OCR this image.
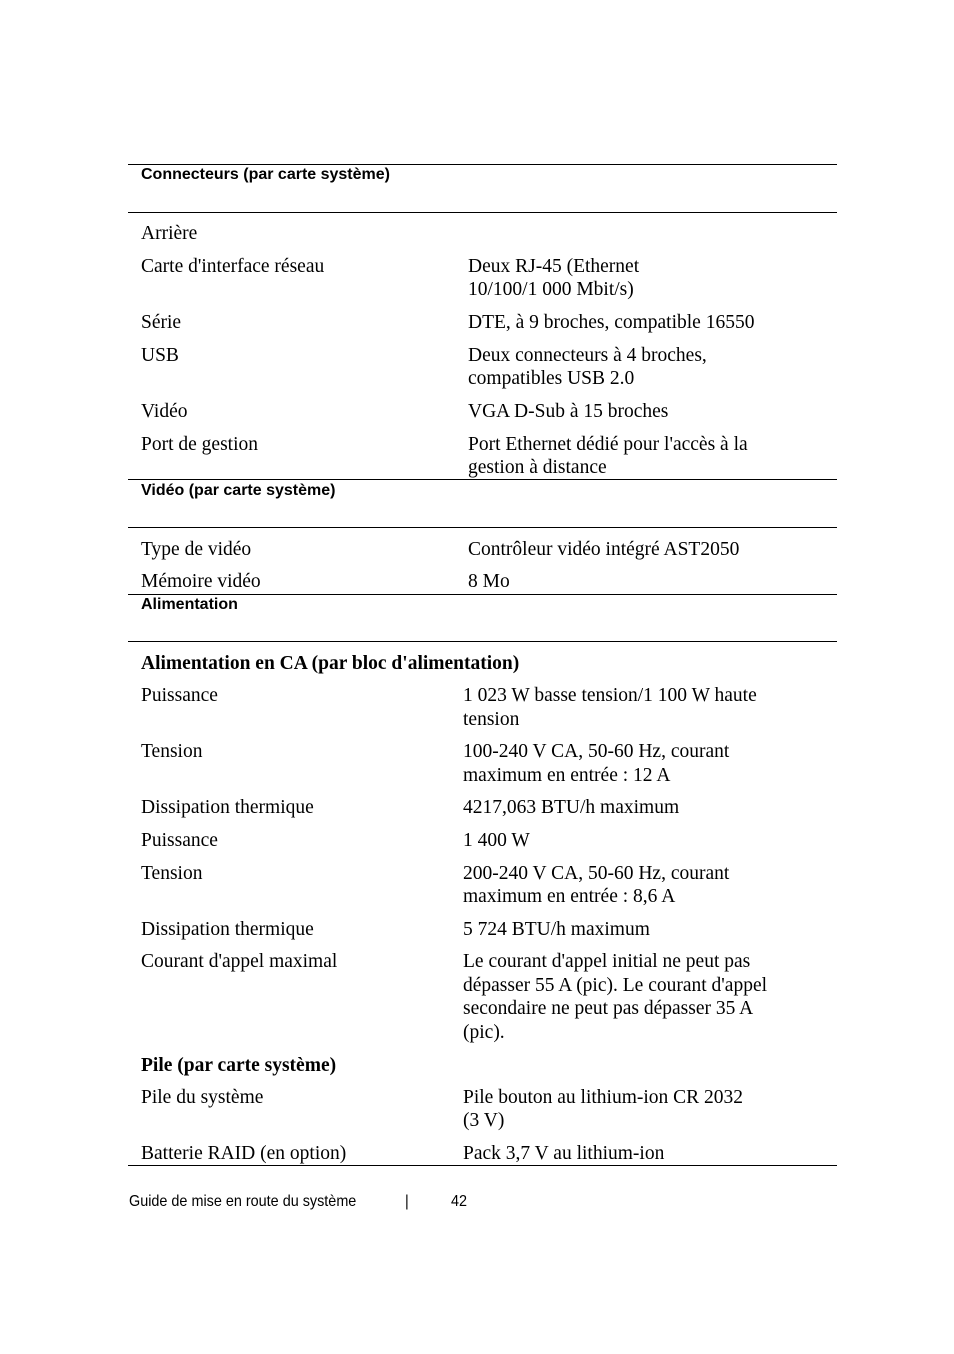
Connecteurs (par carte système)
Arrière
Carte d'interface réseau	Deux RJ-45 (Ethernet
10/100/1 000 Mbit/s)
Série	DTE, à 9 broches, compatible 16550
USB	Deux connecteurs à 4 broches,
compatibles USB 2.0
Vidéo	VGA D-Sub à 15 broches
Port de gestion	Port Ethernet dédié pour l'accès à la
gestion à distance
Vidéo (par carte système)
Type de vidéo	Contrôleur vidéo intégré AST2050
Mémoire vidéo	8 Mo
Alimentation
Alimentation en CA (par bloc d'alimentation)
Puissance	1 023 W basse tension/1 100 W haute
tension
Tension	100-240 V CA, 50-60 Hz, courant
maximum en entrée : 12 A
Dissipation thermique	4217,063 BTU/h maximum
Puissance	1 400 W
Tension	200-240 V CA, 50-60 Hz, courant
maximum en entrée : 8,6 A
Dissipation thermique	5 724 BTU/h maximum
Courant d'appel maximal	Le courant d'appel initial ne peut pas
dépasser 55 A (pic). Le courant d'appel
secondaire ne peut pas dépasser 35 A
(pic).
Pile (par carte système)
Pile du système	Pile bouton au lithium-ion CR 2032
(3 V)
Batterie RAID (en option)	Pack 3,7 V au lithium-ion
Guide de mise en route du système	|	42
